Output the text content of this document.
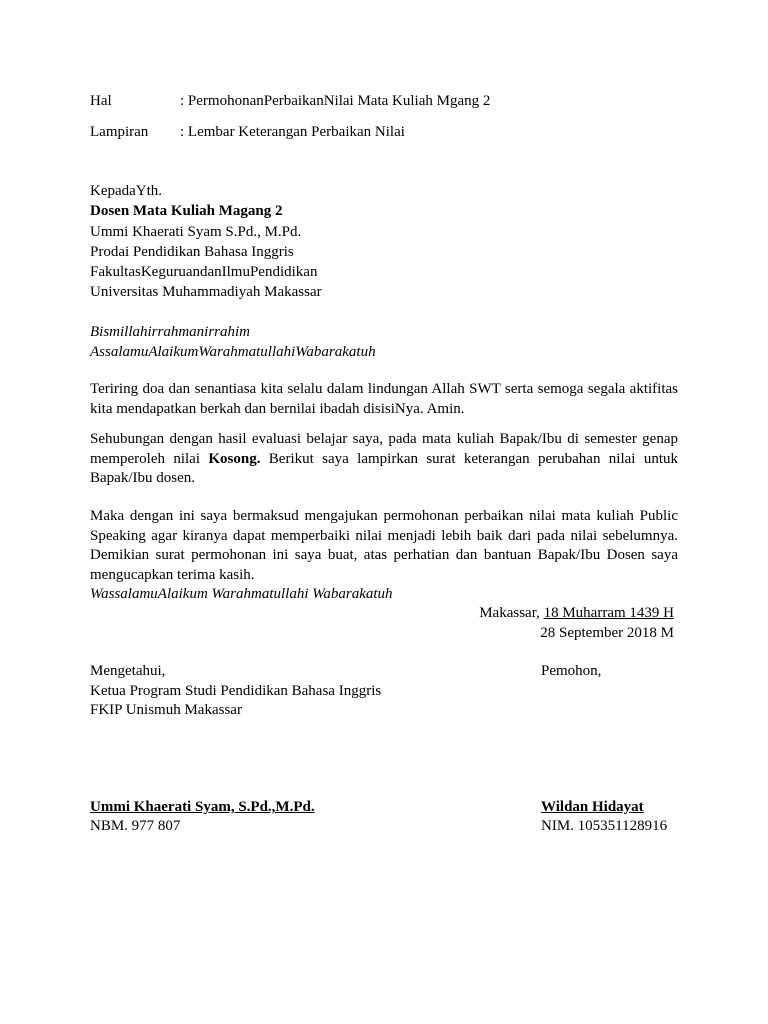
Hal	: PermohonanPerbaikanNilai Mata Kuliah Mgang 2
Lampiran : Lembar Keterangan Perbaikan Nilai
KepadaYth.
Dosen Mata Kuliah Magang 2
Ummi Khaerati Syam S.Pd., M.Pd.
Prodai Pendidikan Bahasa Inggris
FakultasKeguruandanIlmuPendidikan
Universitas Muhammadiyah Makassar
Bismillahirrahmanirrahim
AssalamuAlaikumWarahmatullahiWabarakatuh
Teriring doa dan senantiasa kita selalu dalam lindungan Allah SWT serta semoga segala aktifitas kita mendapatkan berkah dan bernilai ibadah disisiNya. Amin.
Sehubungan dengan hasil evaluasi belajar saya, pada mata kuliah Bapak/Ibu di semester genap memperoleh nilai Kosong. Berikut saya lampirkan surat keterangan perubahan nilai untuk Bapak/Ibu dosen.
Maka dengan ini saya bermaksud mengajukan permohonan perbaikan nilai mata kuliah Public Speaking agar kiranya dapat memperbaiki nilai menjadi lebih baik dari pada nilai sebelumnya. Demikian surat permohonan ini saya buat, atas perhatian dan bantuan Bapak/Ibu Dosen saya mengucapkan terima kasih.
WassalamuAlaikum Warahmatullahi Wabarakatuh
Makassar, 18 Muharram 1439 H
28 September 2018 M
Mengetahui,
Ketua Program Studi Pendidikan Bahasa Inggris
FKIP Unismuh Makassar
Pemohon,
Ummi Khaerati Syam, S.Pd.,M.Pd.
NBM. 977 807
Wildan Hidayat
NIM. 105351128916
